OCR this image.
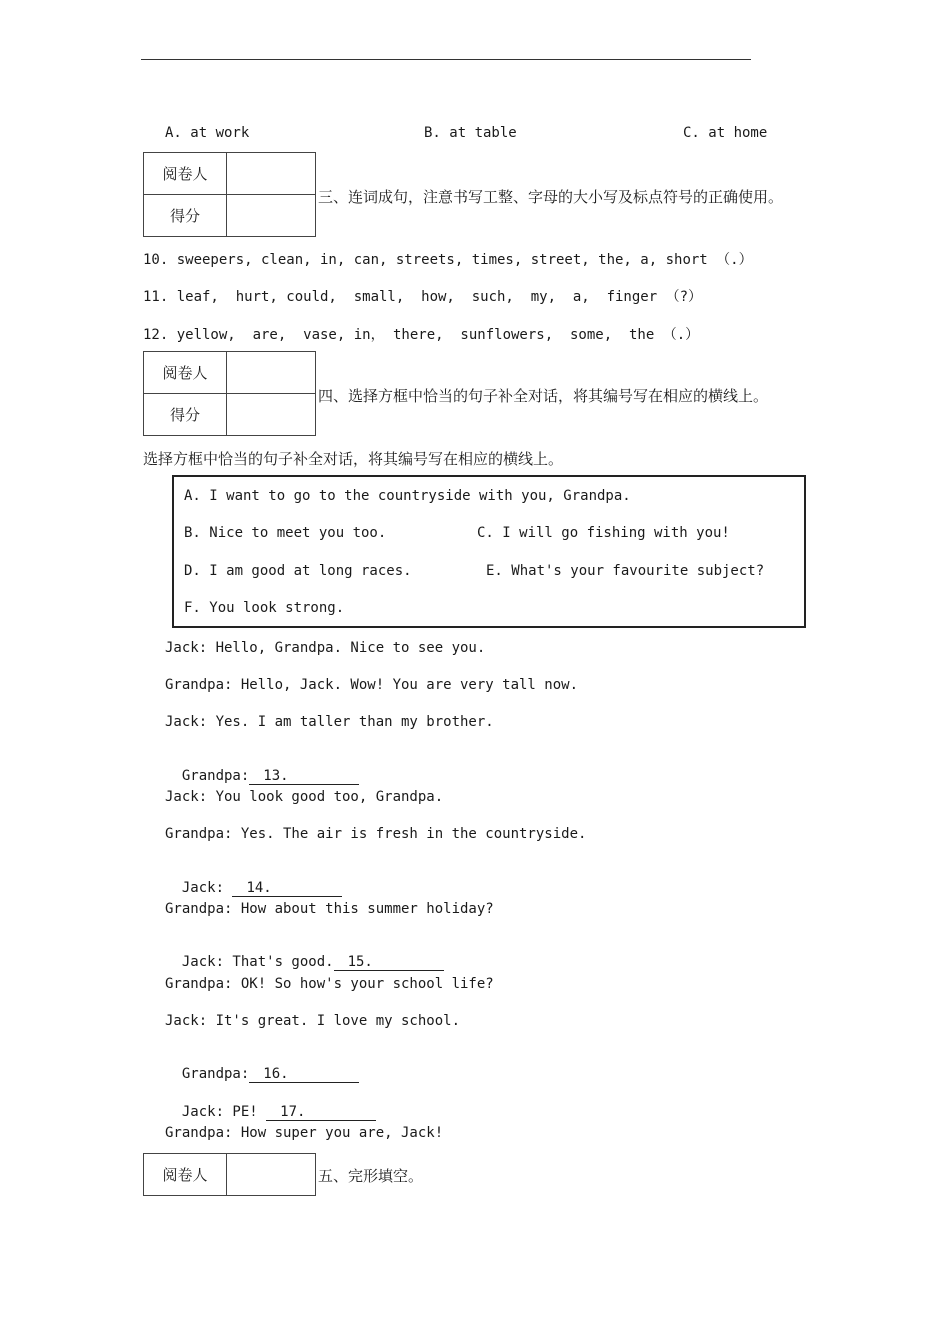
A. at work	B. at table	C. at home
阅卷人	
得分	
三、连词成句，注意书写工整、字母的大小写及标点符号的正确使用。
10. sweepers, clean, in, can, streets, times, street, the, a, short （.）
11. leaf,  hurt, could,  small,  how,  such,  my,  a,  finger （?）
12. yellow,  are,  vase, in， there,  sunflowers,  some,  the （.）
阅卷人	
得分	
四、选择方框中恰当的句子补全对话，将其编号写在相应的横线上。
选择方框中恰当的句子补全对话，将其编号写在相应的横线上。
A. I want to go to the countryside with you, Grandpa.
B. Nice to meet you too.	C. I will go fishing with you!
D. I am good at long races.	E. What's your favourite subject?
F. You look strong.
Jack: Hello, Grandpa. Nice to see you.
Grandpa: Hello, Jack. Wow! You are very tall now.
Jack: Yes. I am taller than my brother.

Grandpa: 13.

Jack: You look good too, Grandpa.
Grandpa: Yes. The air is fresh in the countryside.

Jack: 14.

Grandpa: How about this summer holiday?

Jack: That's good. 15.

Grandpa: OK! So how's your school life?
Jack: It's great. I love my school.

Grandpa: 16.

Jack: PE! 17.

Grandpa: How super you are, Jack!
阅卷人		五、完形填空。
